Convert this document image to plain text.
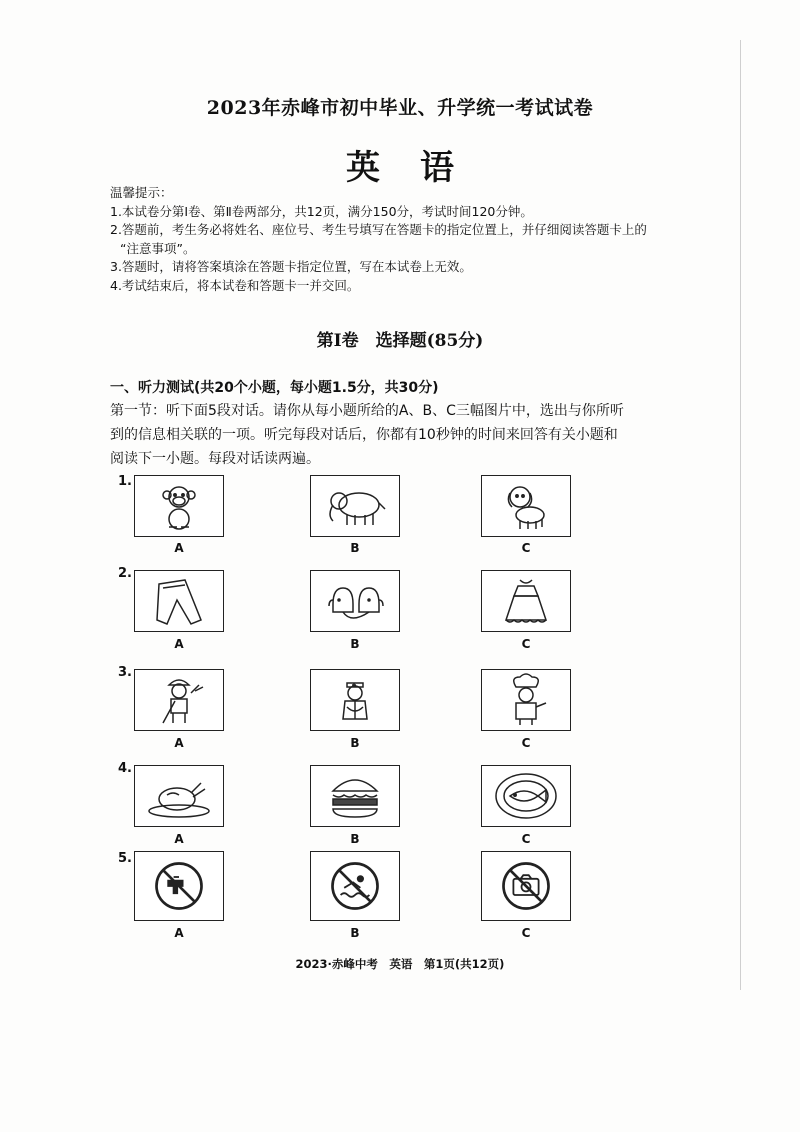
2023年赤峰市初中毕业、升学统一考试试卷
英语
温馨提示：
1.本试卷分第Ⅰ卷、第Ⅱ卷两部分，共12页，满分150分，考试时间120分钟。
2.答题前，考生务必将姓名、座位号、考生号填写在答题卡的指定位置上，并仔细阅读答题卡上的
“注意事项”。
3.答题时，请将答案填涂在答题卡指定位置，写在本试卷上无效。
4.考试结束后，将本试卷和答题卡一并交回。
第Ⅰ卷　选择题(85分)
一、听力测试(共20个小题，每小题1.5分，共30分)
第一节：听下面5段对话。请你从每小题所给的A、B、C三幅图片中，选出与你所听
到的信息相关联的一项。听完每段对话后，你都有10秒钟的时间来回答有关小题和
阅读下一小题。每段对话读两遍。
1.
A	B	C
2.
A	B	C
3.
A	B	C
4.
A	B	C
5.
A	B	C
2023·赤峰中考　英语　第1页(共12页)
